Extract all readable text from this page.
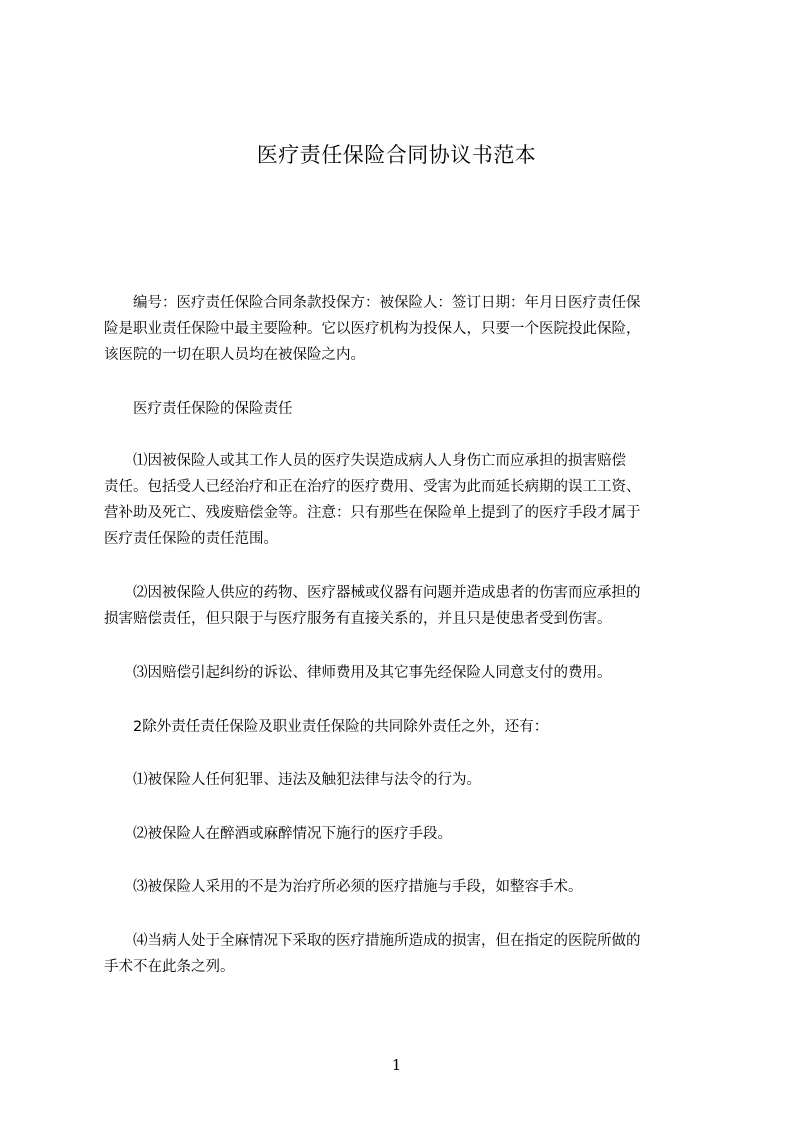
医疗责任保险合同协议书范本
　　编号：医疗责任保险合同条款投保方：被保险人：签订日期：年月日医疗责任保
险是职业责任保险中最主要险种。它以医疗机构为投保人，只要一个医院投此保险，
该医院的一切在职人员均在被保险之内。
　　医疗责任保险的保险责任
　　⑴因被保险人或其工作人员的医疗失误造成病人人身伤亡而应承担的损害赔偿
责任。包括受人已经治疗和正在治疗的医疗费用、受害为此而延长病期的误工工资、
营补助及死亡、残废赔偿金等。注意：只有那些在保险单上提到了的医疗手段才属于
医疗责任保险的责任范围。
　　⑵因被保险人供应的药物、医疗器械或仪器有问题并造成患者的伤害而应承担的
损害赔偿责任，但只限于与医疗服务有直接关系的，并且只是使患者受到伤害。
　　⑶因赔偿引起纠纷的诉讼、律师费用及其它事先经保险人同意支付的费用。
　　2除外责任责任保险及职业责任保险的共同除外责任之外，还有：
　　⑴被保险人任何犯罪、违法及触犯法律与法令的行为。
　　⑵被保险人在醉酒或麻醉情况下施行的医疗手段。
　　⑶被保险人采用的不是为治疗所必须的医疗措施与手段，如整容手术。
　　⑷当病人处于全麻情况下采取的医疗措施所造成的损害，但在指定的医院所做的
手术不在此条之列。
1
